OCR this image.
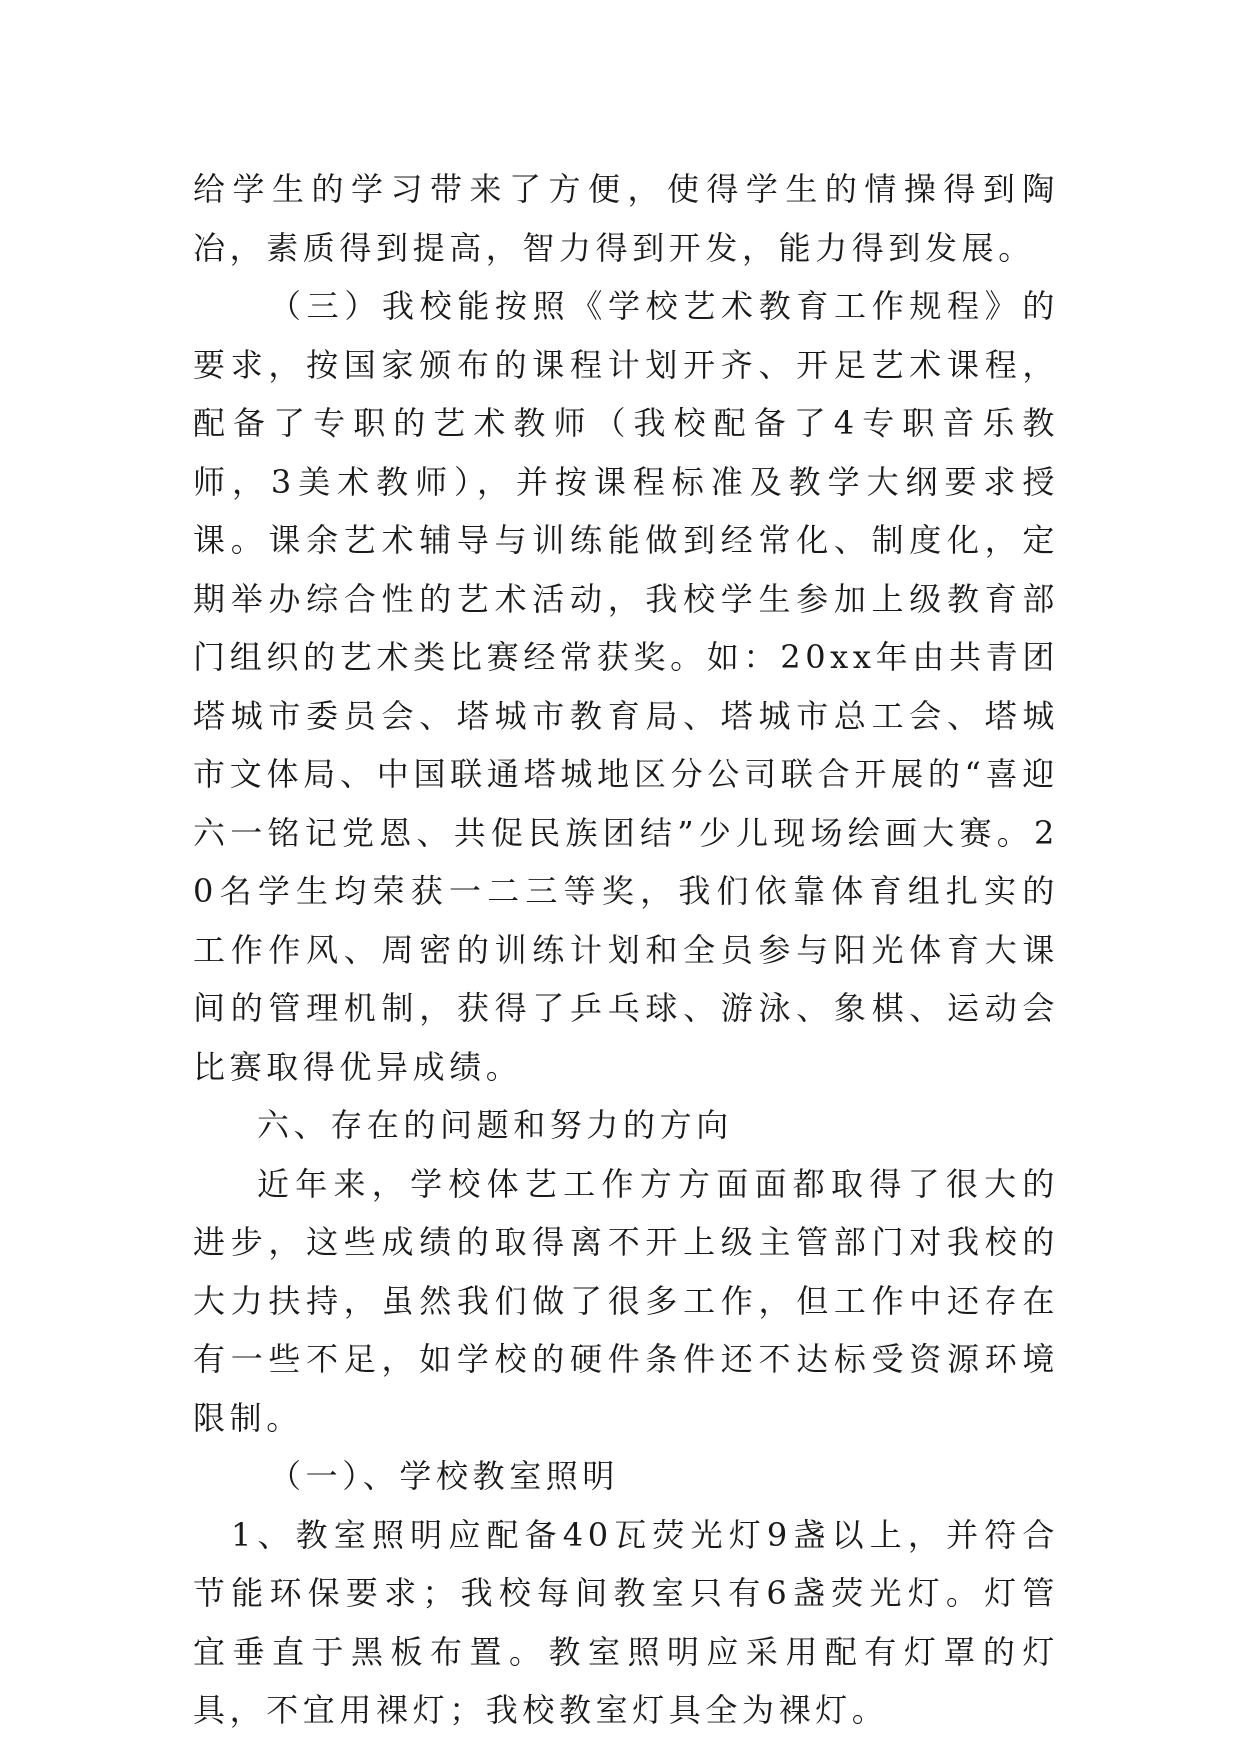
给学生的学习带来了方便，使得学生的情操得到陶冶，素质得到提高，智力得到开发，能力得到发展。

（三）我校能按照《学校艺术教育工作规程》的要求，按国家颁布的课程计划开齐、开足艺术课程，配备了专职的艺术教师（我校配备了4专职音乐教师，3美术教师），并按课程标准及教学大纲要求授课。课余艺术辅导与训练能做到经常化、制度化，定期举办综合性的艺术活动，我校学生参加上级教育部门组织的艺术类比赛经常获奖。如：20xx年由共青团塔城市委员会、塔城市教育局、塔城市总工会、塔城市文体局、中国联通塔城地区分公司联合开展的“喜迎六一铭记党恩、共促民族团结”少儿现场绘画大赛。20名学生均荣获一二三等奖，我们依靠体育组扎实的工作作风、周密的训练计划和全员参与阳光体育大课间的管理机制，获得了乒乓球、游泳、象棋、运动会比赛取得优异成绩。

六、存在的问题和努力的方向

近年来，学校体艺工作方方面面都取得了很大的进步，这些成绩的取得离不开上级主管部门对我校的大力扶持，虽然我们做了很多工作，但工作中还存在有一些不足，如学校的硬件条件还不达标受资源环境限制。

（一）、学校教室照明

1、教室照明应配备40瓦荧光灯9盏以上，并符合节能环保要求；我校每间教室只有6盏荧光灯。灯管宜垂直于黑板布置。教室照明应采用配有灯罩的灯具，不宜用裸灯；我校教室灯具全为裸灯。
